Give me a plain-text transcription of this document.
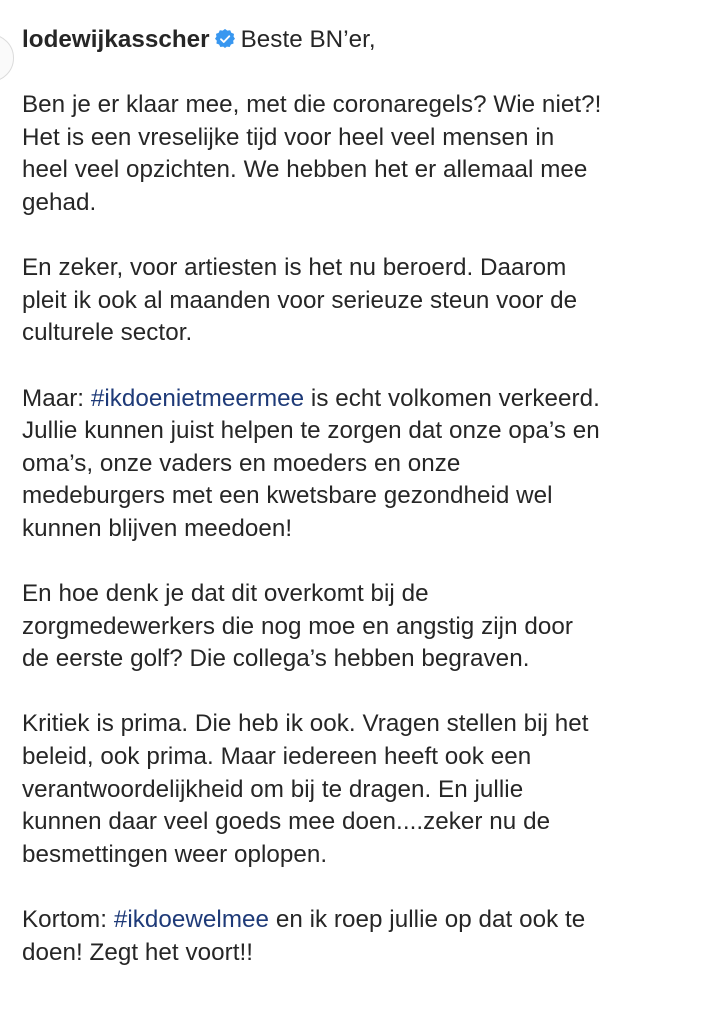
lodewijkasscher Beste BN’er,
Ben je er klaar mee, met die coronaregels? Wie niet?!
Het is een vreselijke tijd voor heel veel mensen in
heel veel opzichten. We hebben het er allemaal mee
gehad.
En zeker, voor artiesten is het nu beroerd. Daarom
pleit ik ook al maanden voor serieuze steun voor de
culturele sector.
Maar: #ikdoenietmeermee is echt volkomen verkeerd.
Jullie kunnen juist helpen te zorgen dat onze opa’s en
oma’s, onze vaders en moeders en onze
medeburgers met een kwetsbare gezondheid wel
kunnen blijven meedoen!
En hoe denk je dat dit overkomt bij de
zorgmedewerkers die nog moe en angstig zijn door
de eerste golf? Die collega’s hebben begraven.
Kritiek is prima. Die heb ik ook. Vragen stellen bij het
beleid, ook prima. Maar iedereen heeft ook een
verantwoordelijkheid om bij te dragen. En jullie
kunnen daar veel goeds mee doen....zeker nu de
besmettingen weer oplopen.
Kortom: #ikdoewelmee en ik roep jullie op dat ook te
doen! Zegt het voort!!
